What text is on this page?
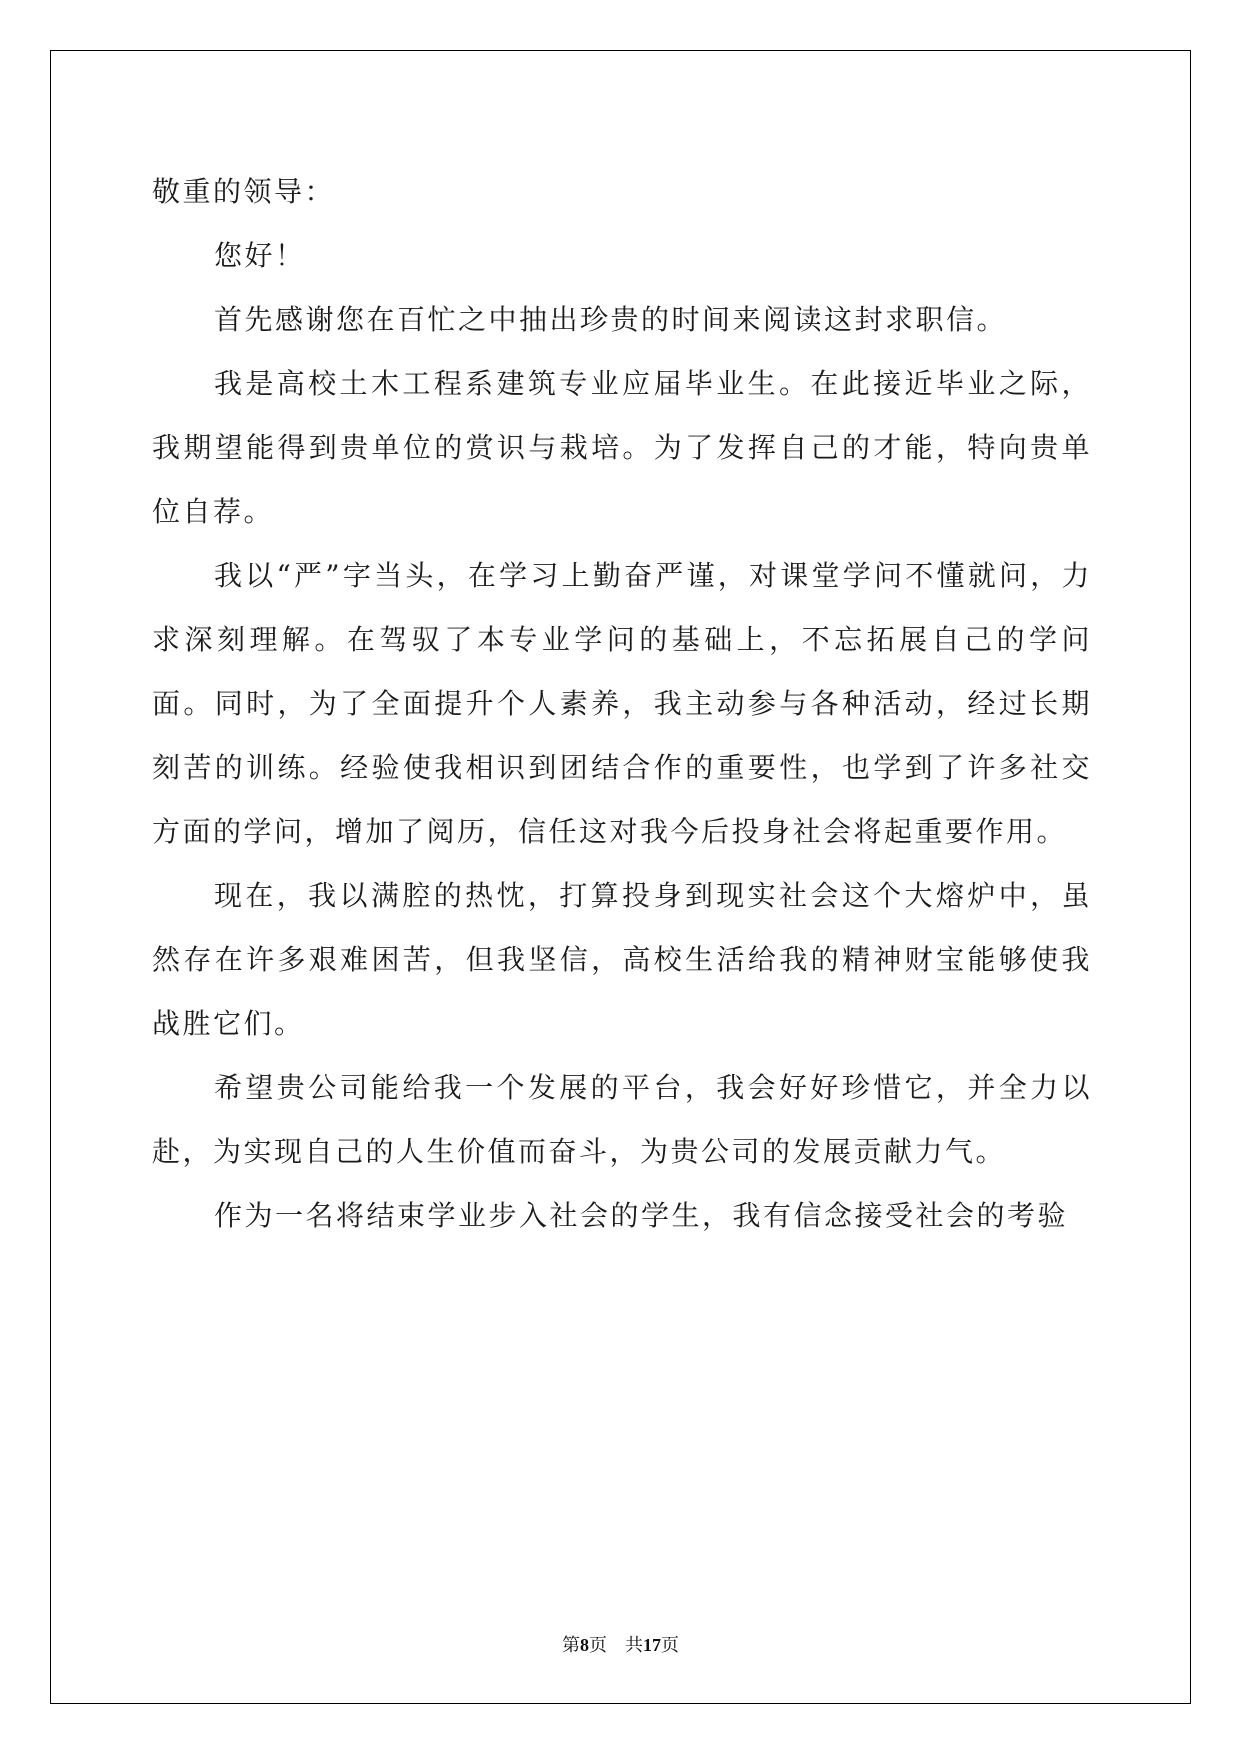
敬重的领导：

您好！

首先感谢您在百忙之中抽出珍贵的时间来阅读这封求职信。

我是高校土木工程系建筑专业应届毕业生。在此接近毕业之际，我期望能得到贵单位的赏识与栽培。为了发挥自己的才能，特向贵单位自荐。

我以“严”字当头，在学习上勤奋严谨，对课堂学问不懂就问，力求深刻理解。在驾驭了本专业学问的基础上，不忘拓展自己的学问面。同时，为了全面提升个人素养，我主动参与各种活动，经过长期刻苦的训练。经验使我相识到团结合作的重要性，也学到了许多社交方面的学问，增加了阅历，信任这对我今后投身社会将起重要作用。

现在，我以满腔的热忱，打算投身到现实社会这个大熔炉中，虽然存在许多艰难困苦，但我坚信，高校生活给我的精神财宝能够使我战胜它们。

希望贵公司能给我一个发展的平台，我会好好珍惜它，并全力以赴，为实现自己的人生价值而奋斗，为贵公司的发展贡献力气。

作为一名将结束学业步入社会的学生，我有信念接受社会的考验

第8页 共17页
